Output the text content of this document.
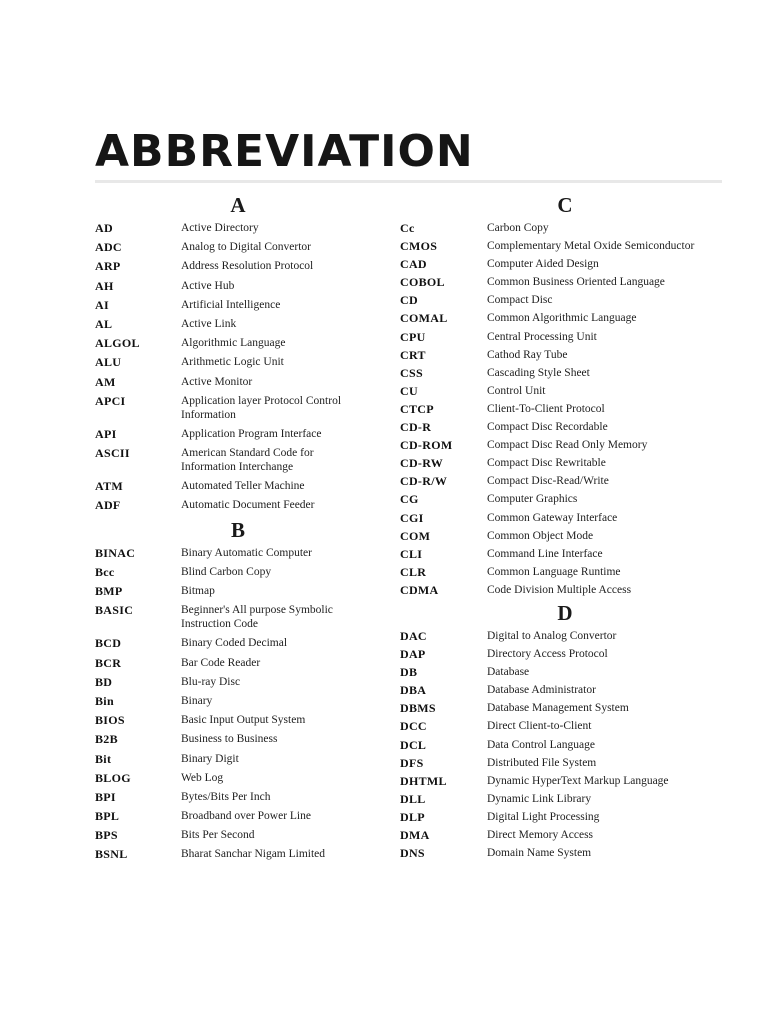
ABBREVIATION
A
AD	Active Directory
ADC	Analog to Digital Convertor
ARP	Address Resolution Protocol
AH	Active Hub
AI	Artificial Intelligence
AL	Active Link
ALGOL	Algorithmic Language
ALU	Arithmetic Logic Unit
AM	Active Monitor
APCI	Application layer Protocol Control Information
API	Application Program Interface
ASCII	American Standard Code for Information Interchange
ATM	Automated Teller Machine
ADF	Automatic Document Feeder
B
BINAC	Binary Automatic Computer
Bcc	Blind Carbon Copy
BMP	Bitmap
BASIC	Beginner's All purpose Symbolic Instruction Code
BCD	Binary Coded Decimal
BCR	Bar Code Reader
BD	Blu-ray Disc
Bin	Binary
BIOS	Basic Input Output System
B2B	Business to Business
Bit	Binary Digit
BLOG	Web Log
BPI	Bytes/Bits Per Inch
BPL	Broadband over Power Line
BPS	Bits Per Second
BSNL	Bharat Sanchar Nigam Limited
C
Cc	Carbon Copy
CMOS	Complementary Metal Oxide Semiconductor
CAD	Computer Aided Design
COBOL	Common Business Oriented Language
CD	Compact Disc
COMAL	Common Algorithmic Language
CPU	Central Processing Unit
CRT	Cathod Ray Tube
CSS	Cascading Style Sheet
CU	Control Unit
CTCP	Client-To-Client Protocol
CD-R	Compact Disc Recordable
CD-ROM	Compact Disc Read Only Memory
CD-RW	Compact Disc Rewritable
CD-R/W	Compact Disc-Read/Write
CG	Computer Graphics
CGI	Common Gateway Interface
COM	Common Object Mode
CLI	Command Line Interface
CLR	Common Language Runtime
CDMA	Code Division Multiple Access
D
DAC	Digital to Analog Convertor
DAP	Directory Access Protocol
DB	Database
DBA	Database Administrator
DBMS	Database Management System
DCC	Direct Client-to-Client
DCL	Data Control Language
DFS	Distributed File System
DHTML	Dynamic HyperText Markup Language
DLL	Dynamic Link Library
DLP	Digital Light Processing
DMA	Direct Memory Access
DNS	Domain Name System
